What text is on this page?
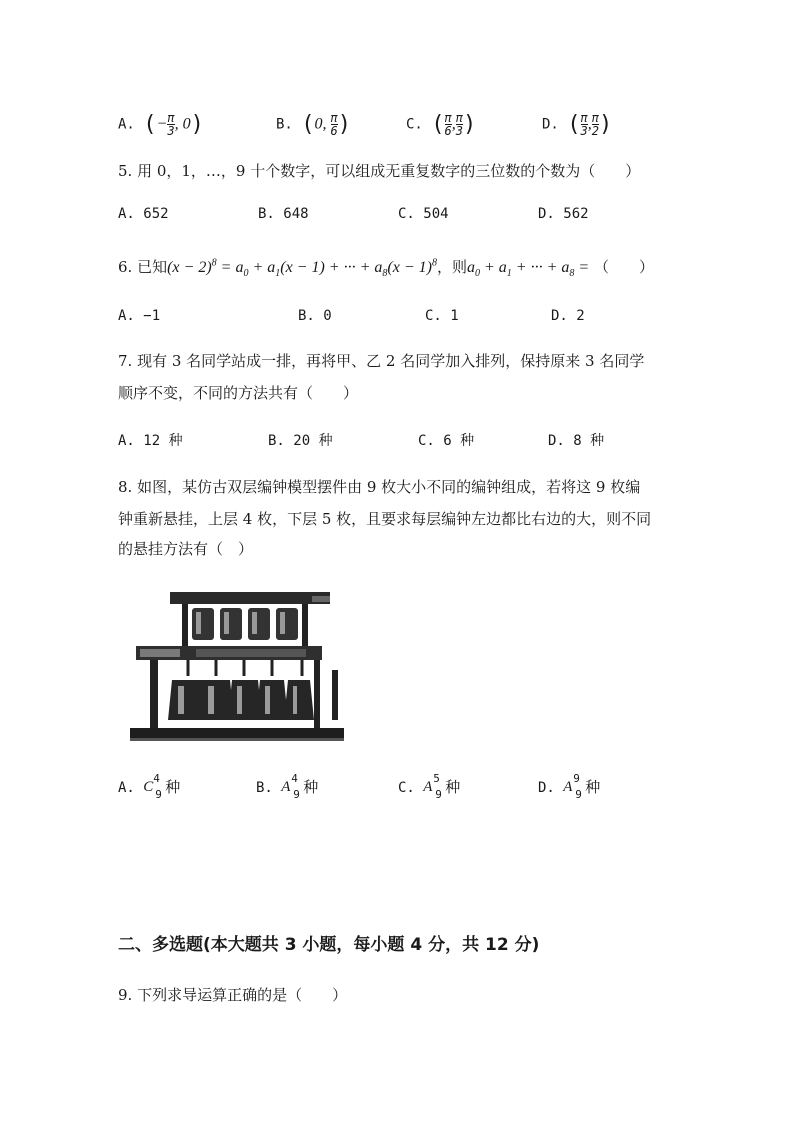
A. (− $\frac{\pi}{3}$ , 0)	B. (0, $\frac{\pi}{6}$ )	C. ( $\frac{\pi}{6}$ , $\frac{\pi}{3}$ )	D. ( $\frac{\pi}{3}$ , $\frac{\pi}{2}$ )
5. 用 0，1，…，9 十个数字，可以组成无重复数字的三位数的个数为（　　）
A. 652	B. 648	C. 504	D. 562
6. 已知$(x - 2)^8 = a_0 + a_1(x - 1)$ + ··· + $a_8(x - 1)^8$，则$a_0 + a_1$ + ··· + $a_8$ = （　　）
A. −1	B. 0	C. 1	D. 2
7. 现有 3 名同学站成一排，再将甲、乙 2 名同学加入排列，保持原来 3 名同学
顺序不变，不同的方法共有（　　）
A. 12 种	B. 20 种	C. 6 种	D. 8 种
8. 如图，某仿古双层编钟模型摆件由 9 枚大小不同的编钟组成，若将这 9 枚编
钟重新悬挂，上层 4 枚，下层 5 枚，且要求每层编钟左边都比右边的大，则不同
的悬挂方法有（　）
A. C
4
9 种	B. A
4
9 种	C. A
5
9 种	D. A
9
9 种
二、多选题(本大题共 3 小题，每小题 4 分，共 12 分)
9. 下列求导运算正确的是（　　）
